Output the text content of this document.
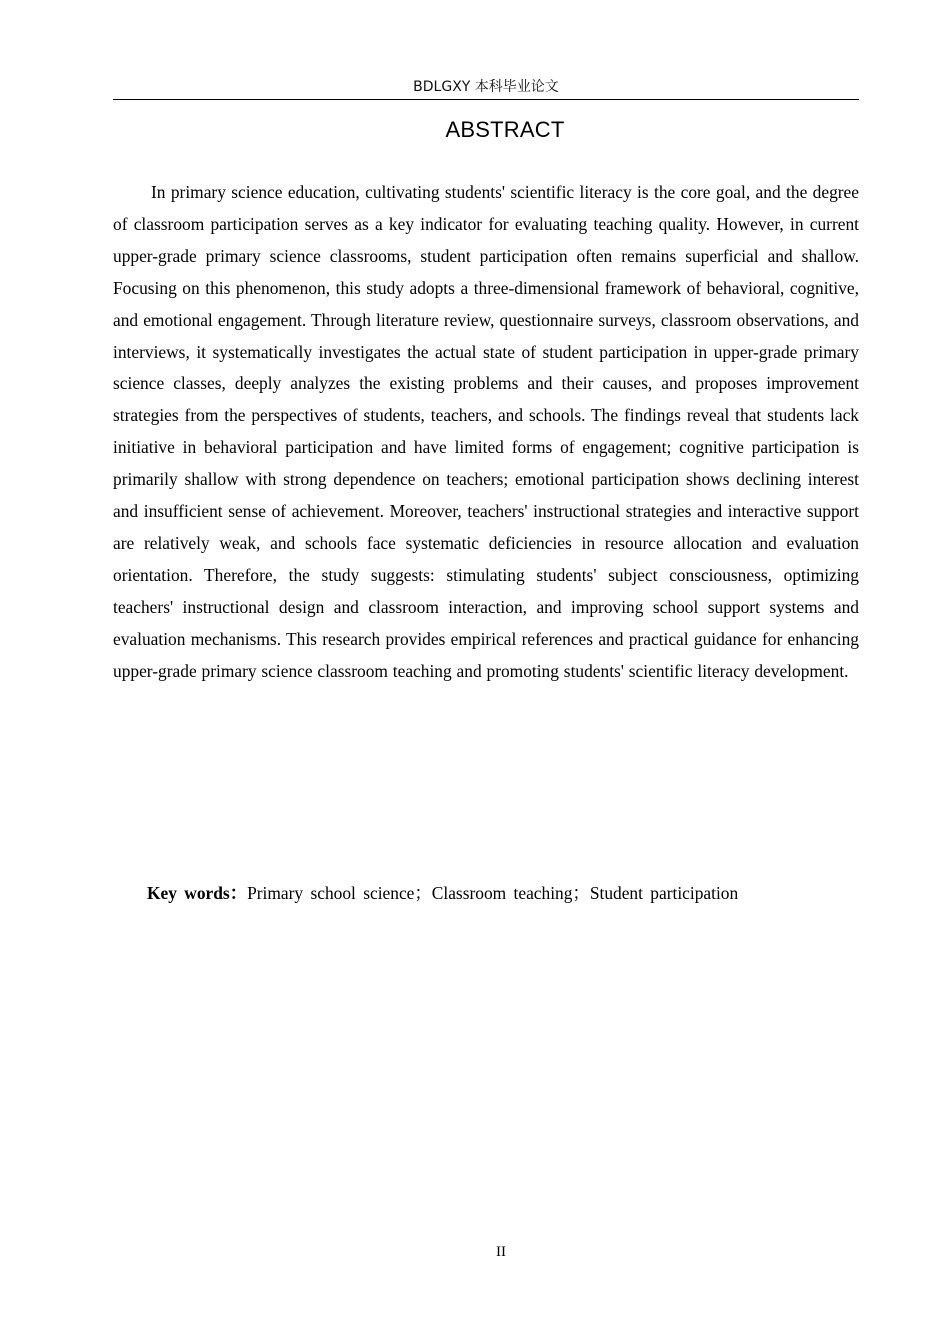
BDLGXY 本科毕业论文
ABSTRACT

In primary science education, cultivating students' scientific literacy is the core goal, and the degree of classroom participation serves as a key indicator for evaluating teaching quality. However, in current upper-grade primary science classrooms, student participation often remains superficial and shallow. Focusing on this phenomenon, this study adopts a three-dimensional framework of behavioral, cognitive, and emotional engagement. Through literature review, questionnaire surveys, classroom observations, and interviews, it systematically investigates the actual state of student participation in upper-grade primary science classes, deeply analyzes the existing problems and their causes, and proposes improvement strategies from the perspectives of students, teachers, and schools. The findings reveal that students lack initiative in behavioral participation and have limited forms of engagement; cognitive participation is primarily shallow with strong dependence on teachers; emotional participation shows declining interest and insufficient sense of achievement. Moreover, teachers' instructional strategies and interactive support are relatively weak, and schools face systematic deficiencies in resource allocation and evaluation orientation. Therefore, the study suggests: stimulating students' subject consciousness, optimizing teachers' instructional design and classroom interaction, and improving school support systems and evaluation mechanisms. This research provides empirical references and practical guidance for enhancing upper-grade primary science classroom teaching and promoting students' scientific literacy development.

Key words：Primary school science；Classroom teaching；Student participation
II
